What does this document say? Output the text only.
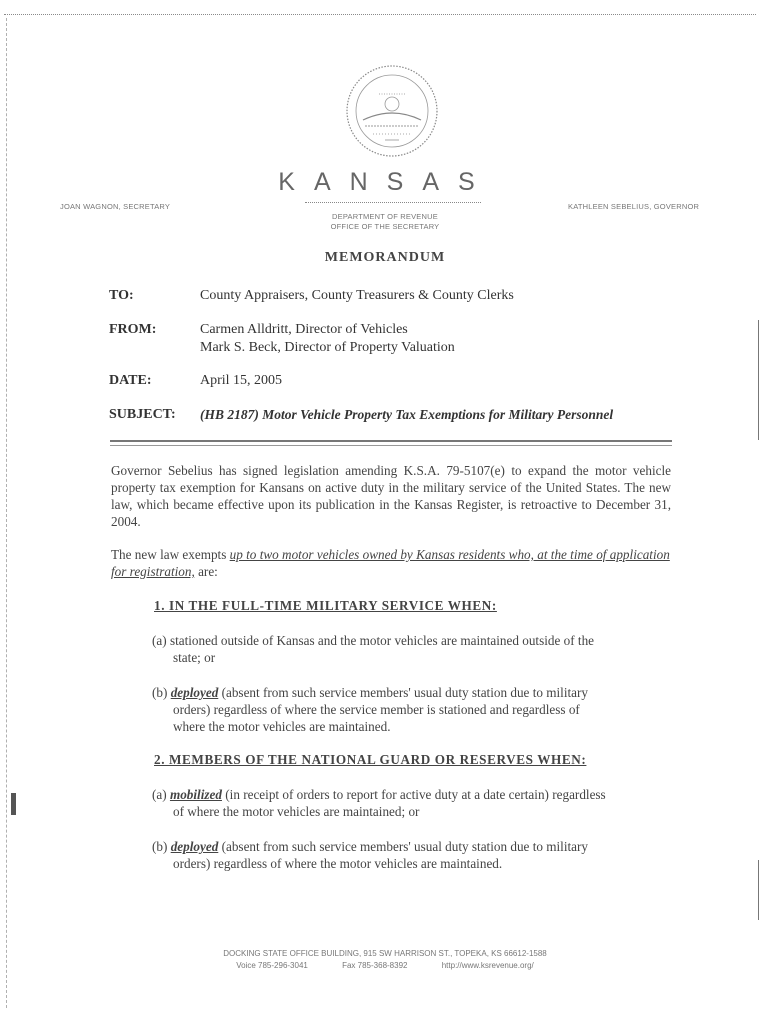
KANSAS
JOAN WAGNON, SECRETARY	KATHLEEN SEBELIUS, GOVERNOR
DEPARTMENT OF REVENUE
OFFICE OF THE SECRETARY
MEMORANDUM
TO:	County Appraisers, County Treasurers & County Clerks
FROM:	Carmen Alldritt, Director of Vehicles
Mark S. Beck, Director of Property Valuation
DATE:	April 15, 2005
SUBJECT: (HB 2187) Motor Vehicle Property Tax Exemptions for Military Personnel
Governor Sebelius has signed legislation amending K.S.A. 79-5107(e) to expand the motor vehicle property tax exemption for Kansans on active duty in the military service of the United States. The new law, which became effective upon its publication in the Kansas Register, is retroactive to December 31, 2004.
The new law exempts up to two motor vehicles owned by Kansas residents who, at the time of application for registration, are:
1. IN THE FULL-TIME MILITARY SERVICE WHEN:
(a) stationed outside of Kansas and the motor vehicles are maintained outside of the state; or
(b) deployed (absent from such service members' usual duty station due to military orders) regardless of where the service member is stationed and regardless of where the motor vehicles are maintained.
2. MEMBERS OF THE NATIONAL GUARD OR RESERVES WHEN:
(a) mobilized (in receipt of orders to report for active duty at a date certain) regardless of where the motor vehicles are maintained; or
(b) deployed (absent from such service members' usual duty station due to military orders) regardless of where the motor vehicles are maintained.
DOCKING STATE OFFICE BUILDING, 915 SW HARRISON ST., TOPEKA, KS 66612-1588
Voice 785-296-3041	Fax 785-368-8392	http://www.ksrevenue.org/
